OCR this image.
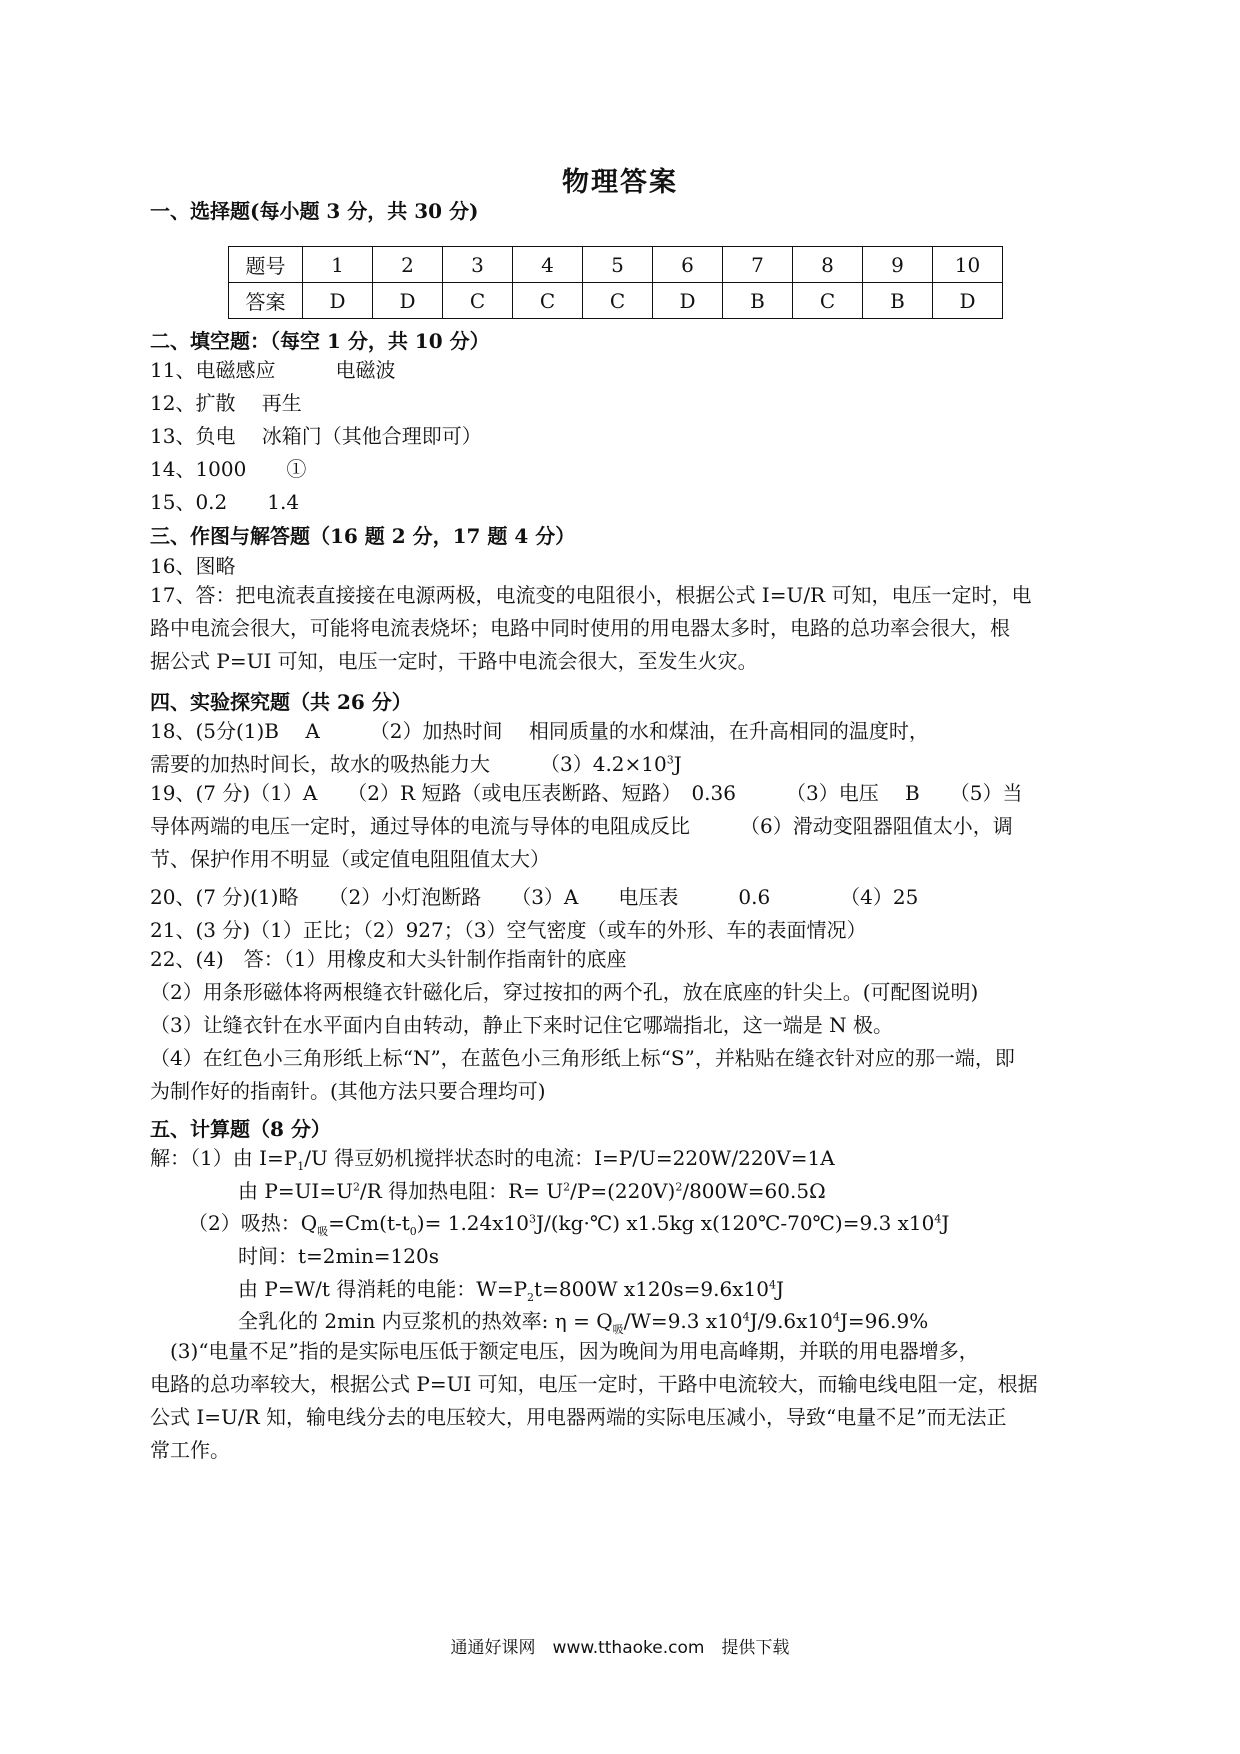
物理答案
一、选择题(每小题 3 分，共 30 分)
题号	1	2	3	4	5	6	7	8	9	10
答案	D	D	C	C	C	D	B	C	B	D
二、填空题：（每空 1 分，共 10 分）
11、电磁感应　　　电磁波
12、扩散　 再生
13、负电　 冰箱门（其他合理即可）
14、1000　　①
15、0.2　　1.4
三、作图与解答题（16 题 2 分，17 题 4 分）
16、图略
17、答：把电流表直接接在电源两极，电流变的电阻很小，根据公式 I=U/R 可知，电压一定时，电
路中电流会很大，可能将电流表烧坏；电路中同时使用的用电器太多时，电路的总功率会很大，根
据公式 P=UI 可知，电压一定时，干路中电流会很大，至发生火灾。
四、实验探究题（共 26 分）
18、(5分(1)B　 A　　　（2）加热时间　 相同质量的水和煤油，在升高相同的温度时，
需要的加热时间长，故水的吸热能力大　　　$(3)4.2\times 10^3J$
19、(7 分)（1）A　　（2）R 短路（或电压表断路、短路）　0.36　　　（3）电压　 B　　（5）当
导体两端的电压一定时，通过导体的电流与导体的电阻成反比　　　（6）滑动变阻器阻值太小，调
节、保护作用不明显（或定值电阻阻值太大）
20、(7 分)(1)略　　（2）小灯泡断路　　（3）A　　电压表　　　0.6　　　　（4）25
21、(3 分)（1）正比；（2）927；（3）空气密度（或车的外形、车的表面情况）
22、(4)　答：（1）用橡皮和大头针制作指南针的底座
（2）用条形磁体将两根缝衣针磁化后，穿过按扣的两个孔，放在底座的针尖上。(可配图说明)
（3）让缝衣针在水平面内自由转动，静止下来时记住它哪端指北，这一端是 N 极。
（4）在红色小三角形纸上标“N”，在蓝色小三角形纸上标“S”，并粘贴在缝衣针对应的那一端，即
为制作好的指南针。(其他方法只要合理均可)
五、计算题（8 分）
解：（1）由 $I=P_1/U$ 得豆奶机搅拌状态时的电流：I=P/U=220W/220V=1A
由 $P=UI=U^2/R$ 得加热电阻：$R= U^2/P=(220V)^2/800W=60.5\Omega$
（2）吸热：$Q_吸=Cm(t-t_0)=$ $1.24x10^3J/(kg\cdot℃)$ x1.5kg x(120℃-70℃)=9.3 $x10^4J$
时间：t=2min=120s
由 P=W/t 得消耗的电能：$W=P_2t=800W$ $x120s=9.6x10^4J$
全乳化的 2min 内豆浆机的热效率: $\eta = Q_吸/W=9.3$ $x10^4J/9.6x10^4J=96.9\%$
　(3)“电量不足”指的是实际电压低于额定电压，因为晚间为用电高峰期，并联的用电器增多，
电路的总功率较大，根据公式 P=UI 可知，电压一定时，干路中电流较大，而输电线电阻一定，根据
公式 I=U/R 知，输电线分去的电压较大，用电器两端的实际电压减小，导致“电量不足”而无法正
常工作。
通通好课网　www.tthaoke.com　提供下载
